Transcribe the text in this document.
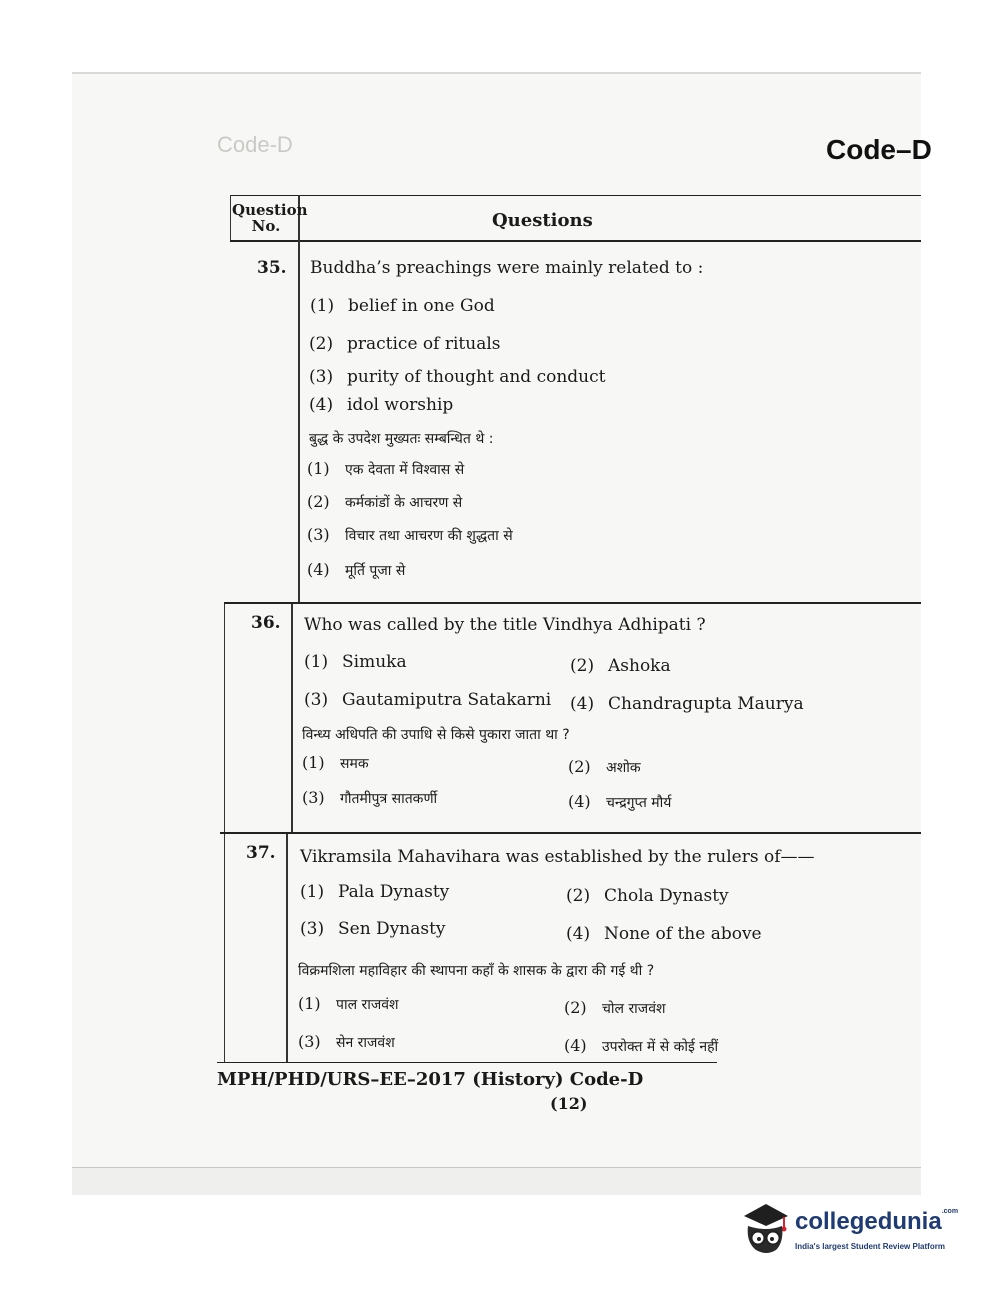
Code-D	Code–D
Question No.	Questions
35. Buddha’s preachings were mainly related to :
(1) belief in one God
(2) practice of rituals
(3) purity of thought and conduct
(4) idol worship
बुद्ध के उपदेश मुख्यतः सम्बन्धित थे :
(1) एक देवता में विश्वास से
(2) कर्मकांडों के आचरण से
(3) विचार तथा आचरण की शुद्धता से
(4) मूर्ति पूजा से
36. Who was called by the title Vindhya Adhipati ?
(1) Simuka	(2) Ashoka
(3) Gautamiputra Satakarni (4) Chandragupta Maurya
विन्ध्य अधिपति की उपाधि से किसे पुकारा जाता था ?
(1) समक	(2) अशोक
(3) गौतमीपुत्र सातकर्णी	(4) चन्द्रगुप्त मौर्य
37. Vikramsila Mahavihara was established by the rulers of——
(1) Pala Dynasty	(2) Chola Dynasty
(3) Sen Dynasty	(4) None of the above
विक्रमशिला महाविहार की स्थापना कहाँ के शासक के द्वारा की गई थी ?
(1) पाल राजवंश	(2) चोल राजवंश
(3) सेन राजवंश	(4) उपरोक्त में से कोई नहीं
MPH/PHD/URS–EE–2017 (History) Code-D
(12)
collegedunia$^{.com}$
India's largest Student Review Platform
